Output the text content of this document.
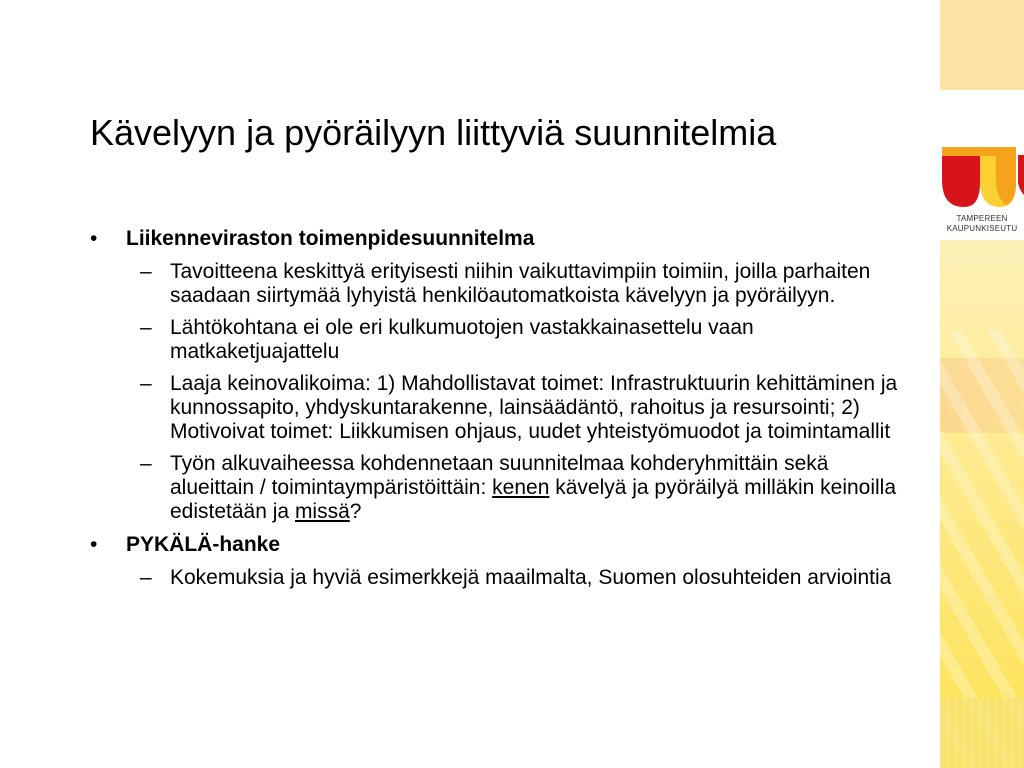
TAMPEREEN
KAUPUNKISEUTU
Kävelyyn ja pyöräilyyn liittyviä suunnitelmia
• Liikenneviraston toimenpidesuunnitelma
– Tavoitteena keskittyä erityisesti niihin vaikuttavimpiin toimiin, joilla parhaiten saadaan siirtymää lyhyistä henkilöautomatkoista kävelyyn ja pyöräilyyn.
– Lähtökohtana ei ole eri kulkumuotojen vastakkainasettelu vaan matkaketjuajattelu
– Laaja keinovalikoima: 1) Mahdollistavat toimet: Infrastruktuurin kehittäminen ja kunnossapito, yhdyskuntarakenne, lainsäädäntö, rahoitus ja resursointi; 2) Motivoivat toimet: Liikkumisen ohjaus, uudet yhteistyömuodot ja toimintamallit
– Työn alkuvaiheessa kohdennetaan suunnitelmaa kohderyhmittäin sekä alueittain / toimintaympäristöittäin: kenen kävelyä ja pyöräilyä milläkin keinoilla edistetään ja missä?
• PYKÄLÄ-hanke
– Kokemuksia ja hyviä esimerkkejä maailmalta, Suomen olosuhteiden arviointia
